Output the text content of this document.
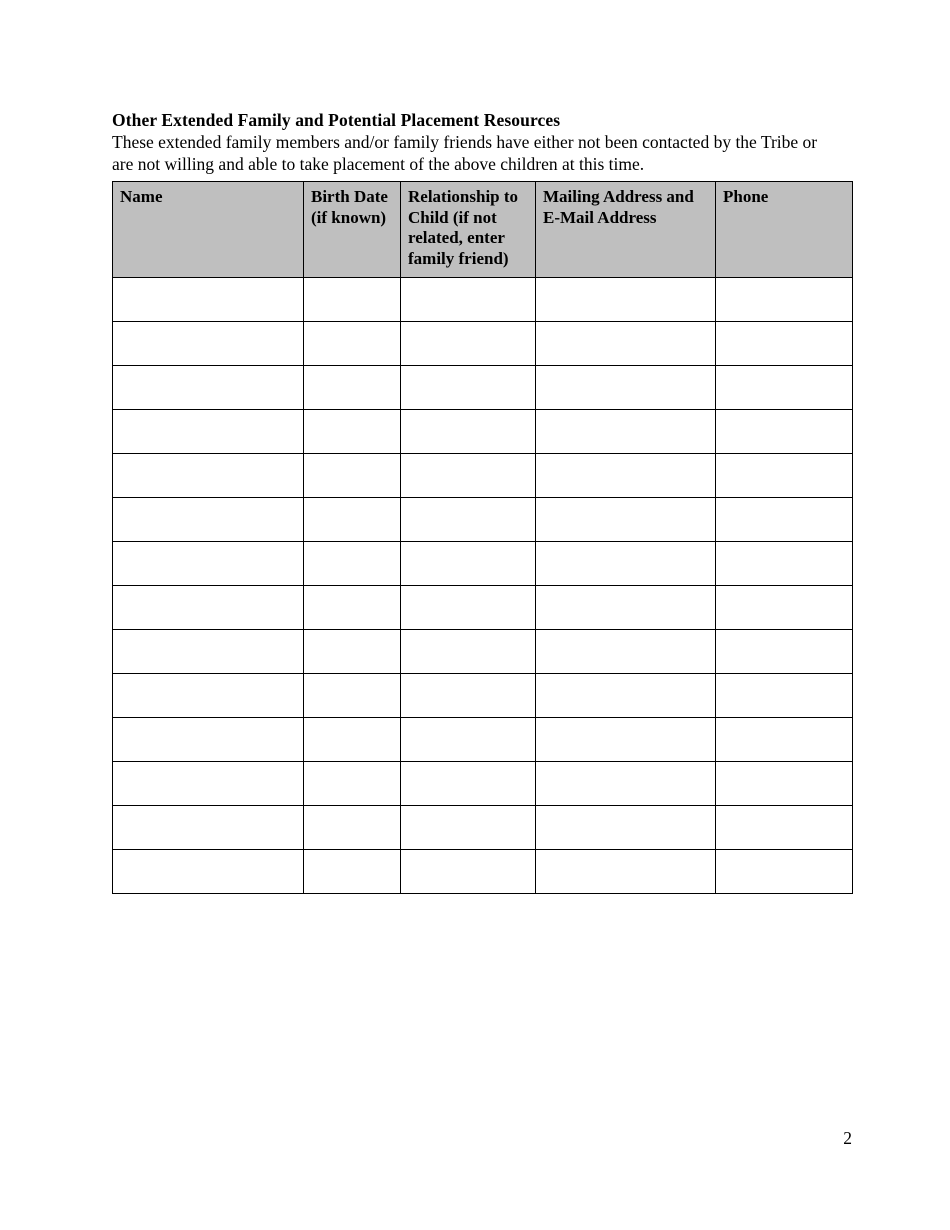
Other Extended Family and Potential Placement Resources

These extended family members and/or family friends have either not been contacted by the Tribe or are not willing and able to take placement of the above children at this time.

Name	Birth Date (if known)	Relationship to Child (if not related, enter family friend)	Mailing Address and E-Mail Address	Phone

2
